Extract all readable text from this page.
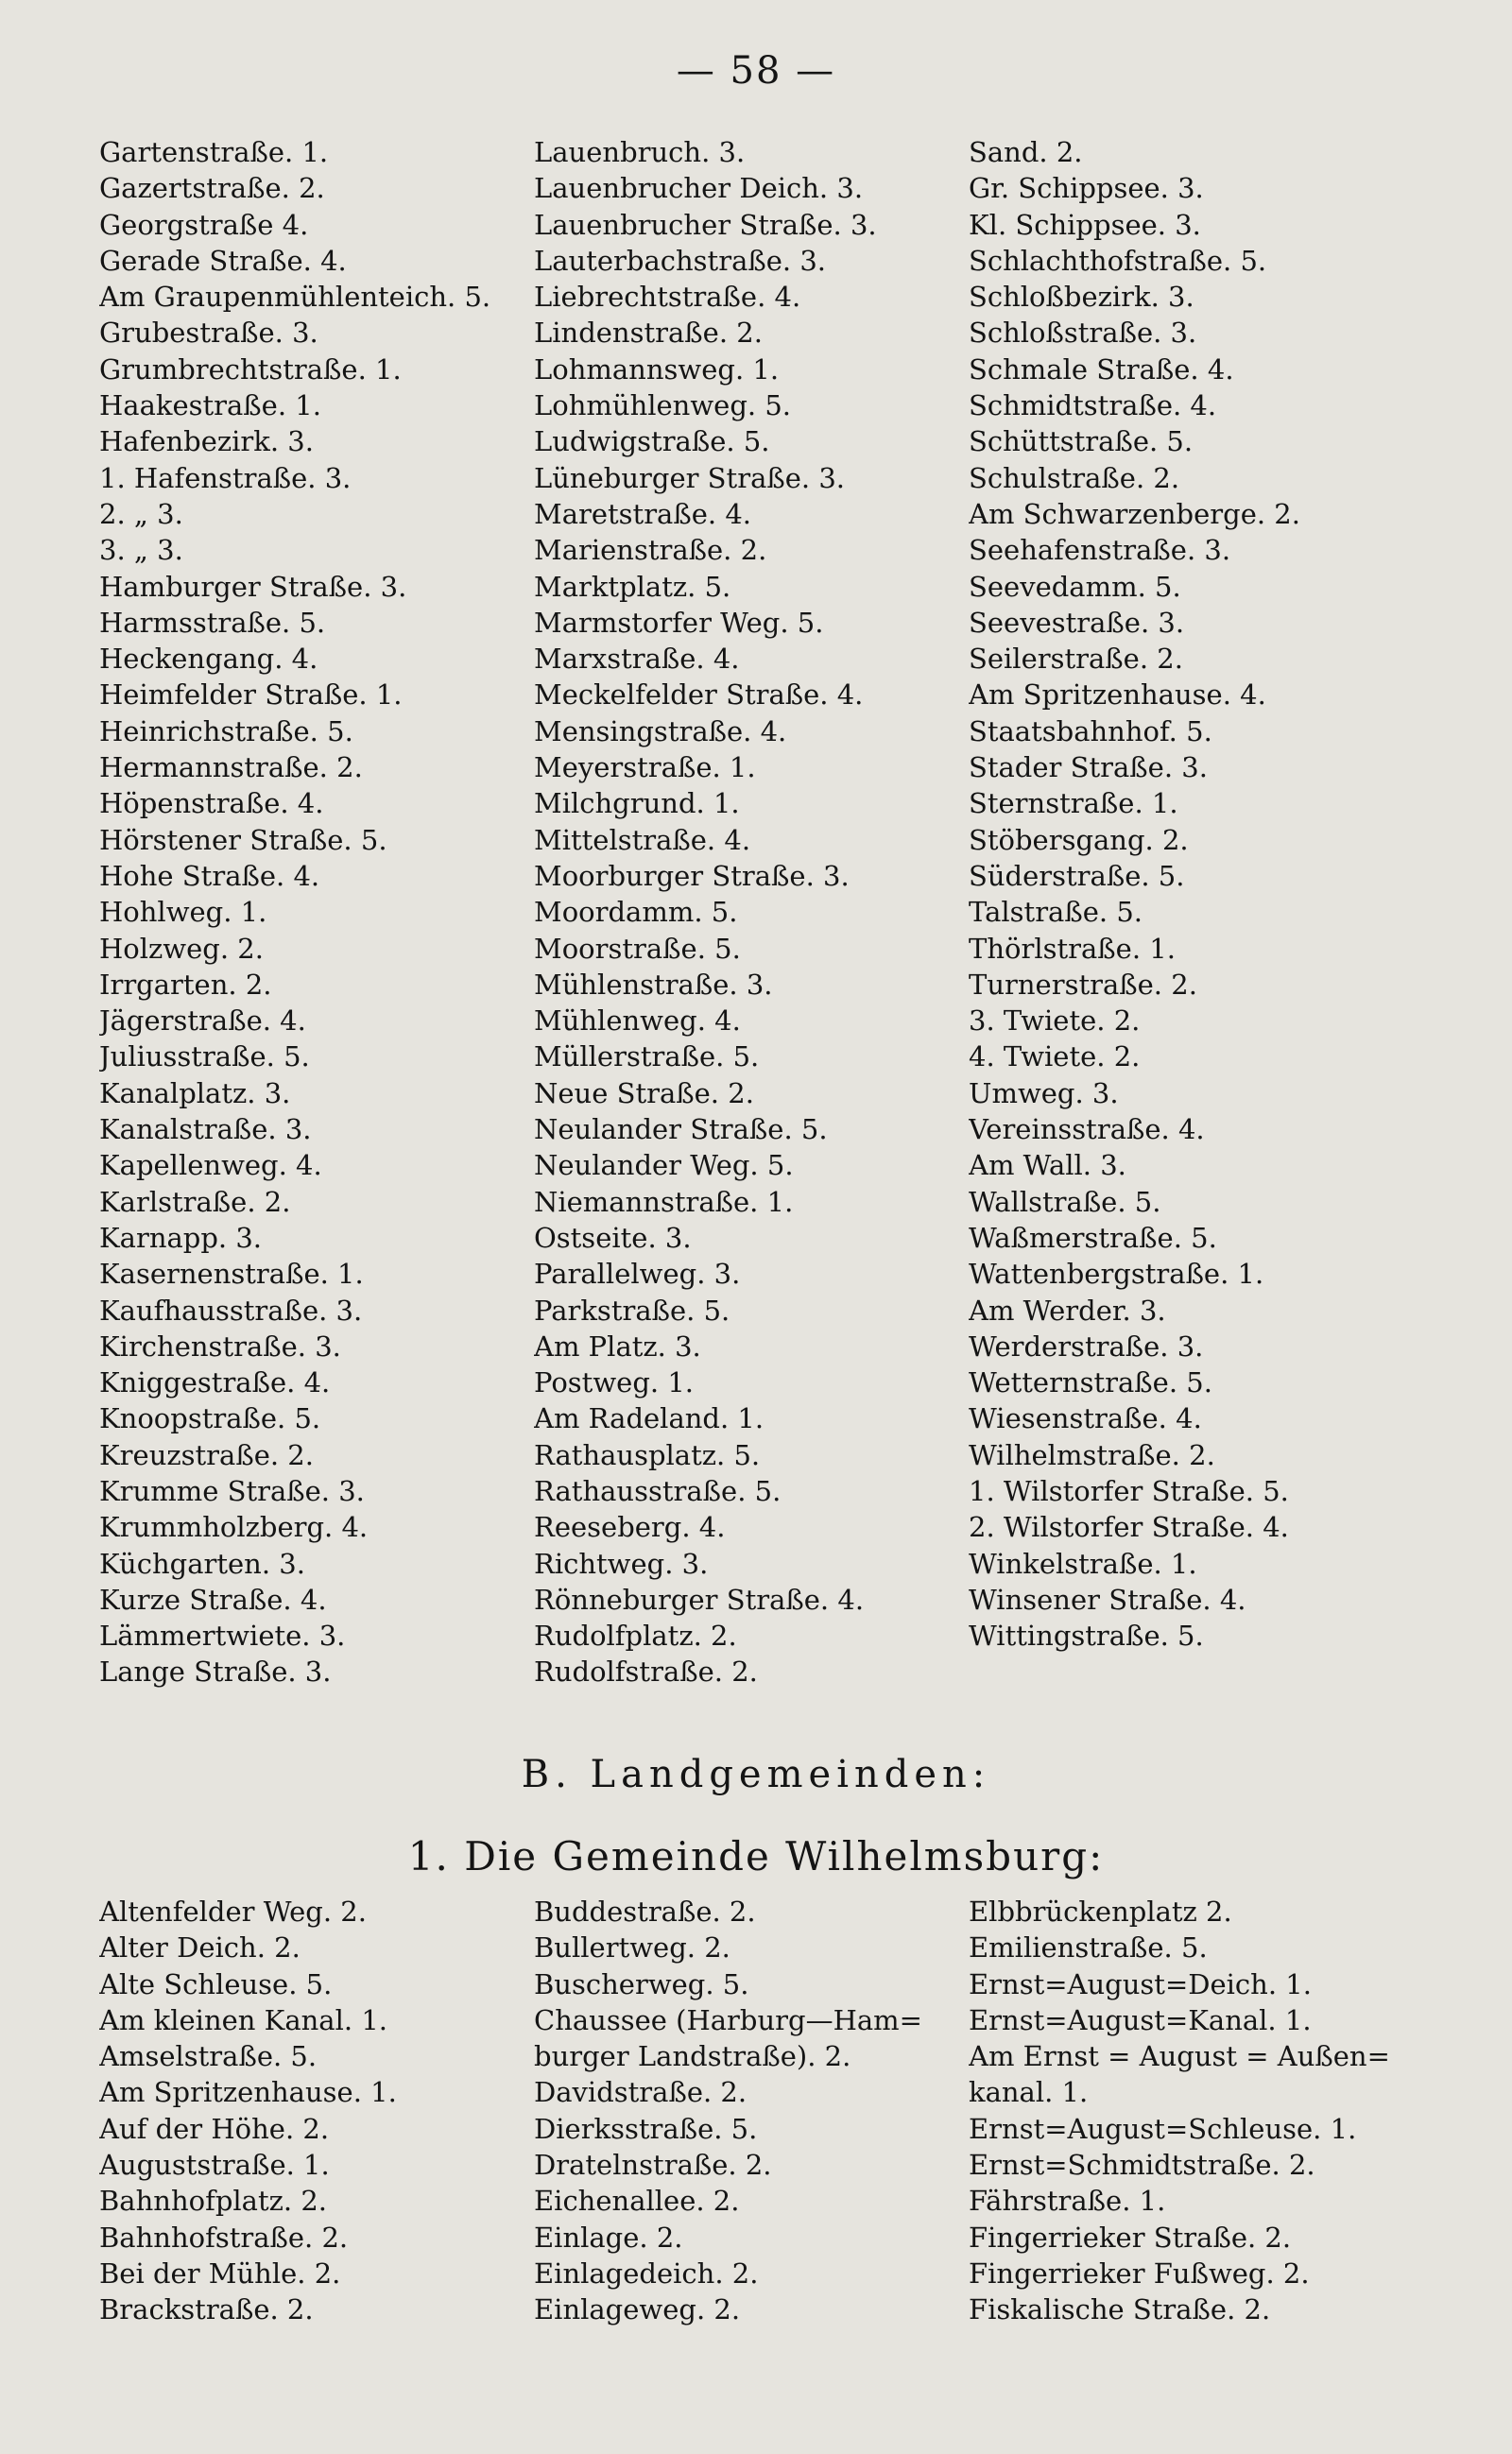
— 58 —
Gartenstraße. 1.
Gazertstraße. 2.
Georgstraße 4.
Gerade Straße. 4.
Am Graupenmühlenteich. 5.
Grubestraße. 3.
Grumbrechtstraße. 1.
Haakestraße. 1.
Hafenbezirk. 3.
1. Hafenstraße. 3.
2. „ 3.
3. „ 3.
Hamburger Straße. 3.
Harmsstraße. 5.
Heckengang. 4.
Heimfelder Straße. 1.
Heinrichstraße. 5.
Hermannstraße. 2.
Höpenstraße. 4.
Hörstener Straße. 5.
Hohe Straße. 4.
Hohlweg. 1.
Holzweg. 2.
Irrgarten. 2.
Jägerstraße. 4.
Juliusstraße. 5.
Kanalplatz. 3.
Kanalstraße. 3.
Kapellenweg. 4.
Karlstraße. 2.
Karnapp. 3.
Kasernenstraße. 1.
Kaufhausstraße. 3.
Kirchenstraße. 3.
Kniggestraße. 4.
Knoopstraße. 5.
Kreuzstraße. 2.
Krumme Straße. 3.
Krummholzberg. 4.
Küchgarten. 3.
Kurze Straße. 4.
Lämmertwiete. 3.
Lange Straße. 3.
Lauenbruch. 3.
Lauenbrucher Deich. 3.
Lauenbrucher Straße. 3.
Lauterbachstraße. 3.
Liebrechtstraße. 4.
Lindenstraße. 2.
Lohmannsweg. 1.
Lohmühlenweg. 5.
Ludwigstraße. 5.
Lüneburger Straße. 3.
Maretstraße. 4.
Marienstraße. 2.
Marktplatz. 5.
Marmstorfer Weg. 5.
Marxstraße. 4.
Meckelfelder Straße. 4.
Mensingstraße. 4.
Meyerstraße. 1.
Milchgrund. 1.
Mittelstraße. 4.
Moorburger Straße. 3.
Moordamm. 5.
Moorstraße. 5.
Mühlenstraße. 3.
Mühlenweg. 4.
Müllerstraße. 5.
Neue Straße. 2.
Neulander Straße. 5.
Neulander Weg. 5.
Niemannstraße. 1.
Ostseite. 3.
Parallelweg. 3.
Parkstraße. 5.
Am Platz. 3.
Postweg. 1.
Am Radeland. 1.
Rathausplatz. 5.
Rathausstraße. 5.
Reeseberg. 4.
Richtweg. 3.
Rönneburger Straße. 4.
Rudolfplatz. 2.
Rudolfstraße. 2.
Sand. 2.
Gr. Schippsee. 3.
Kl. Schippsee. 3.
Schlachthofstraße. 5.
Schloßbezirk. 3.
Schloßstraße. 3.
Schmale Straße. 4.
Schmidtstraße. 4.
Schüttstraße. 5.
Schulstraße. 2.
Am Schwarzenberge. 2.
Seehafenstraße. 3.
Seevedamm. 5.
Seevestraße. 3.
Seilerstraße. 2.
Am Spritzenhause. 4.
Staatsbahnhof. 5.
Stader Straße. 3.
Sternstraße. 1.
Stöbersgang. 2.
Süderstraße. 5.
Talstraße. 5.
Thörlstraße. 1.
Turnerstraße. 2.
3. Twiete. 2.
4. Twiete. 2.
Umweg. 3.
Vereinsstraße. 4.
Am Wall. 3.
Wallstraße. 5.
Waßmerstraße. 5.
Wattenbergstraße. 1.
Am Werder. 3.
Werderstraße. 3.
Wetternstraße. 5.
Wiesenstraße. 4.
Wilhelmstraße. 2.
1. Wilstorfer Straße. 5.
2. Wilstorfer Straße. 4.
Winkelstraße. 1.
Winsener Straße. 4.
Wittingstraße. 5.
B. Landgemeinden:
1. Die Gemeinde Wilhelmsburg:
Altenfelder Weg. 2.
Alter Deich. 2.
Alte Schleuse. 5.
Am kleinen Kanal. 1.
Amselstraße. 5.
Am Spritzenhause. 1.
Auf der Höhe. 2.
Auguststraße. 1.
Bahnhofplatz. 2.
Bahnhofstraße. 2.
Bei der Mühle. 2.
Brackstraße. 2.
Buddestraße. 2.
Bullertweg. 2.
Buscherweg. 5.
Chaussee (Harburg—Ham=
burger Landstraße). 2.
Davidstraße. 2.
Dierksstraße. 5.
Dratelnstraße. 2.
Eichenallee. 2.
Einlage. 2.
Einlagedeich. 2.
Einlageweg. 2.
Elbbrückenplatz 2.
Emilienstraße. 5.
Ernst=August=Deich. 1.
Ernst=August=Kanal. 1.
Am Ernst = August = Außen=
kanal. 1.
Ernst=August=Schleuse. 1.
Ernst=Schmidtstraße. 2.
Fährstraße. 1.
Fingerrieker Straße. 2.
Fingerrieker Fußweg. 2.
Fiskalische Straße. 2.
